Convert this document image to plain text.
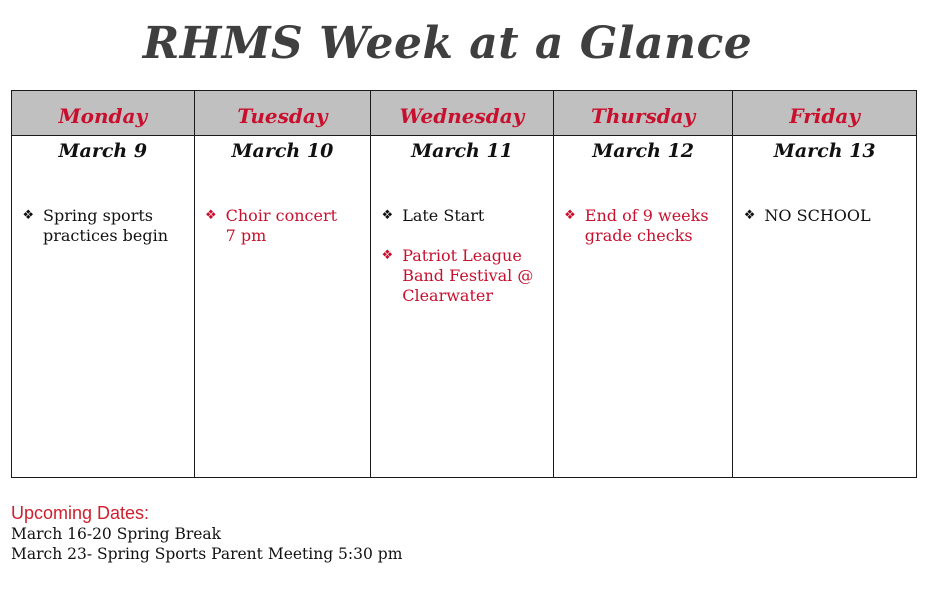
RHMS Week at a Glance
Monday
March 9
❖ Spring sports
practices begin
Tuesday
March 10
❖ Choir concert
7 pm
Wednesday
March 11
❖ Late Start
❖ Patriot League
Band Festival @
Clearwater
Thursday
March 12
❖ End of 9 weeks
grade checks
Friday
March 13
❖ NO SCHOOL
Upcoming Dates:
March 16-20 Spring Break
March 23- Spring Sports Parent Meeting 5:30 pm
